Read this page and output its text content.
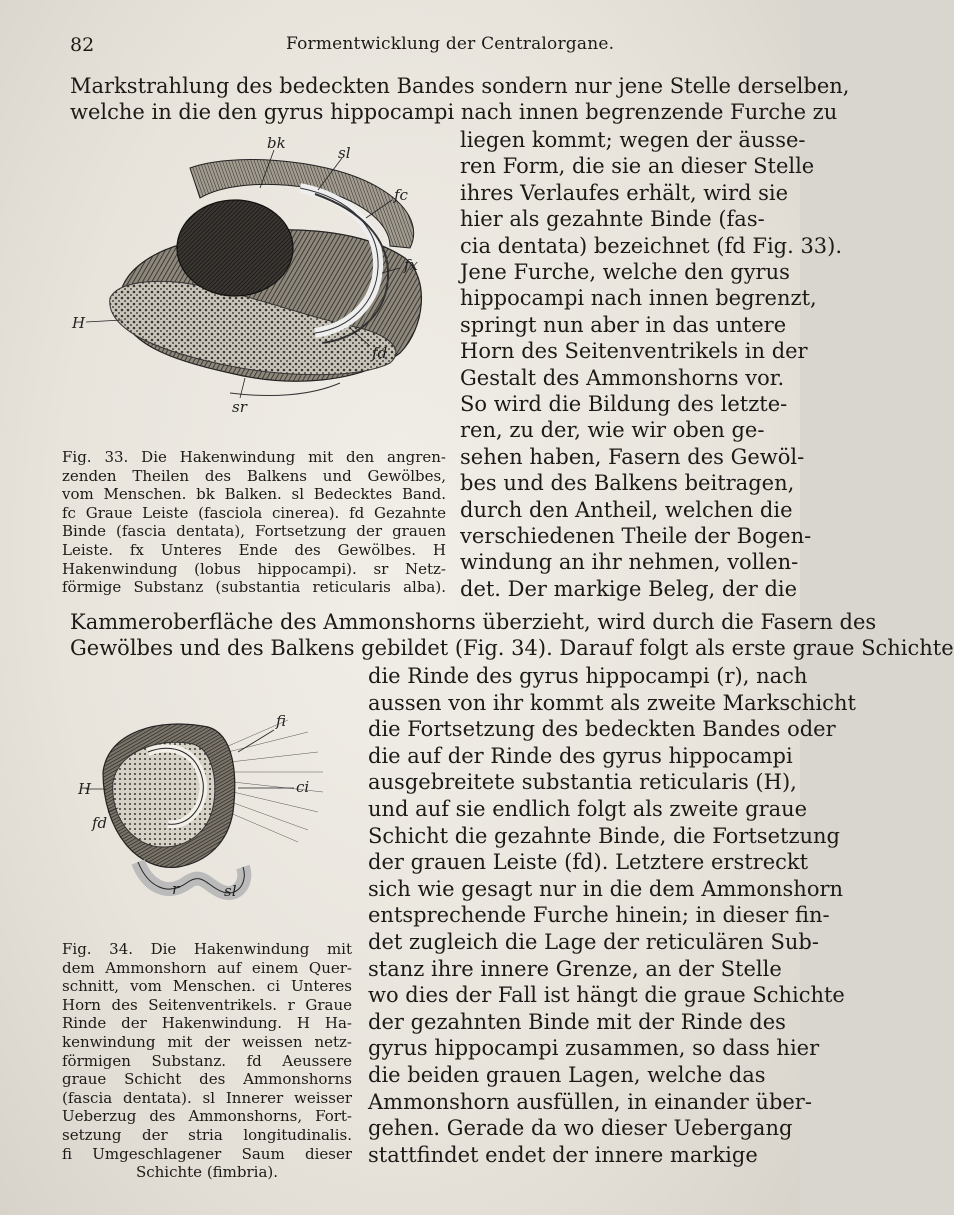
82	Formentwicklung der Centralorgane.
bk
sl
fc
fx
H
fd
sr
fi
ci
H
fd
r	sl
Markstrahlung des bedeckten Bandes sondern nur jene Stelle derselben,
welche in die den gyrus hippocampi nach innen begrenzende Furche zu
liegen kommt; wegen der äusse-
ren Form, die sie an dieser Stelle
ihres Verlaufes erhält, wird sie
hier als gezahnte Binde (fas-
cia dentata) bezeichnet (fd Fig. 33).
Jene Furche, welche den gyrus
hippocampi nach innen begrenzt,
springt nun aber in das untere
Horn des Seitenventrikels in der
Gestalt des Ammonshorns vor.
So wird die Bildung des letzte-
ren, zu der, wie wir oben ge-
sehen haben, Fasern des Gewöl-
bes und des Balkens beitragen,
durch den Antheil, welchen die
verschiedenen Theile der Bogen-
windung an ihr nehmen, vollen-
det. Der markige Beleg, der die
Kammeroberfläche des Ammonshorns überzieht, wird durch die Fasern des
Gewölbes und des Balkens gebildet (Fig. 34). Darauf folgt als erste graue Schichte
die Rinde des gyrus hippocampi (r), nach
aussen von ihr kommt als zweite Markschicht
die Fortsetzung des bedeckten Bandes oder
die auf der Rinde des gyrus hippocampi
ausgebreitete substantia reticularis (H),
und auf sie endlich folgt als zweite graue
Schicht die gezahnte Binde, die Fortsetzung
der grauen Leiste (fd). Letztere erstreckt
sich wie gesagt nur in die dem Ammonshorn
entsprechende Furche hinein; in dieser fin-
det zugleich die Lage der reticulären Sub-
stanz ihre innere Grenze, an der Stelle
wo dies der Fall ist hängt die graue Schichte
der gezahnten Binde mit der Rinde des
gyrus hippocampi zusammen, so dass hier
die beiden grauen Lagen, welche das
Ammonshorn ausfüllen, in einander über-
gehen. Gerade da wo dieser Uebergang
stattfindet endet der innere markige
Fig. 33. Die Hakenwindung mit den angren-
zenden Theilen des Balkens und Gewölbes,
vom Menschen. bk Balken. sl Bedecktes Band.
fc Graue Leiste (fasciola cinerea). fd Gezahnte
Binde (fascia dentata), Fortsetzung der grauen
Leiste. fx Unteres Ende des Gewölbes. H
Hakenwindung (lobus hippocampi). sr Netz-
förmige Substanz (substantia reticularis alba).
Fig. 34. Die Hakenwindung mit
dem Ammonshorn auf einem Quer-
schnitt, vom Menschen. ci Unteres
Horn des Seitenventrikels. r Graue
Rinde der Hakenwindung. H Ha-
kenwindung mit der weissen netz-
förmigen Substanz. fd Aeussere
graue Schicht des Ammonshorns
(fascia dentata). sl Innerer weisser
Ueberzug des Ammonshorns, Fort-
setzung der stria longitudinalis.
fi Umgeschlagener Saum dieser
Schichte (fimbria).
